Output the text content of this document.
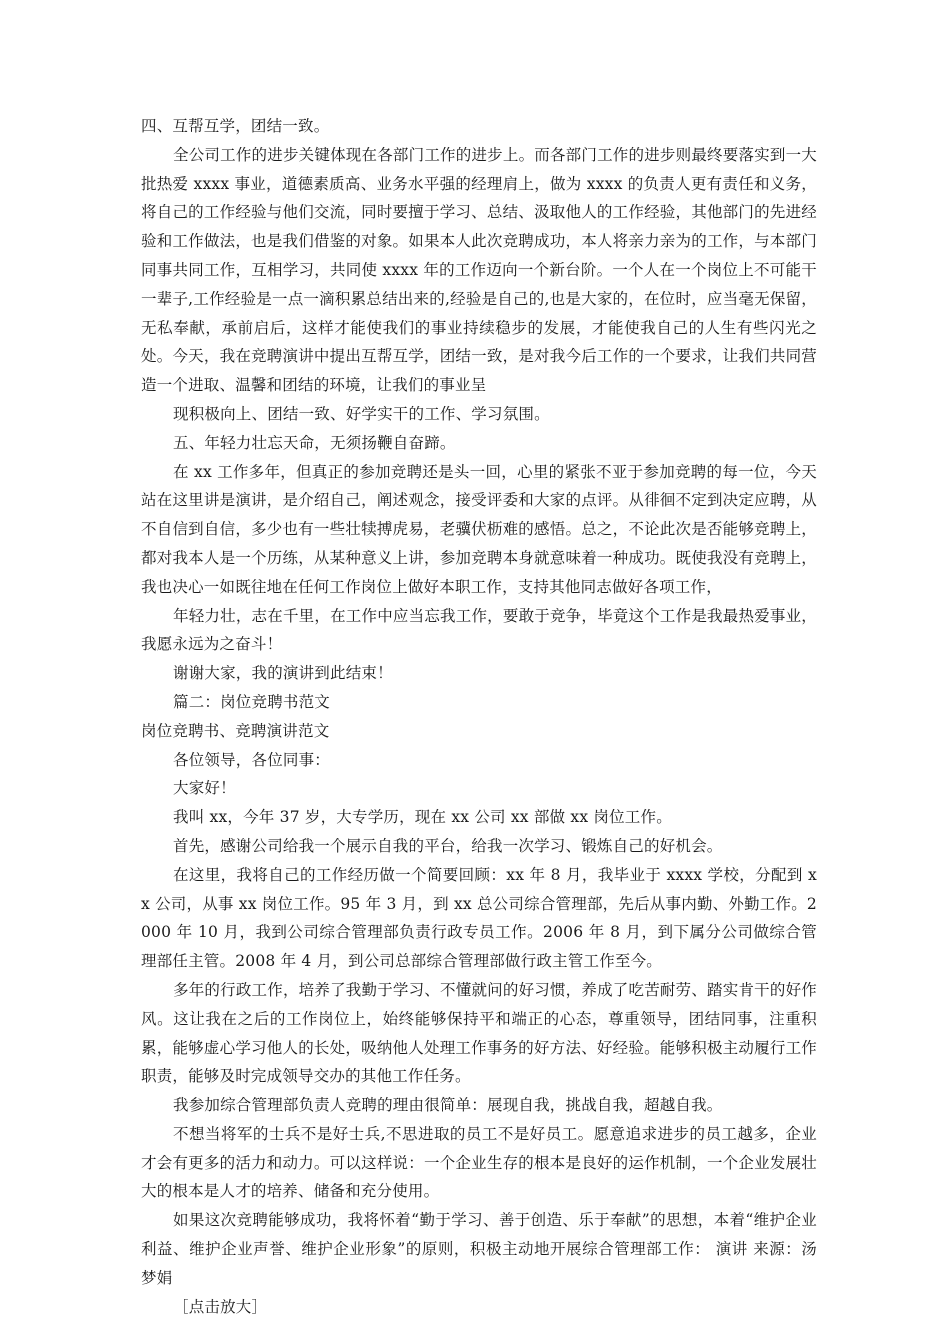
四、互帮互学，团结一致。

全公司工作的进步关键体现在各部门工作的进步上。而各部门工作的进步则最终要落实到一大批热爱 xxxx 事业，道德素质高、业务水平强的经理肩上，做为 xxxx 的负责人更有责任和义务，将自己的工作经验与他们交流，同时要擅于学习、总结、汲取他人的工作经验，其他部门的先进经验和工作做法，也是我们借鉴的对象。如果本人此次竞聘成功，本人将亲力亲为的工作，与本部门同事共同工作，互相学习，共同使 xxxx 年的工作迈向一个新台阶。一个人在一个岗位上不可能干一辈子,工作经验是一点一滴积累总结出来的,经验是自己的,也是大家的，在位时，应当毫无保留，无私奉献，承前启后，这样才能使我们的事业持续稳步的发展，才能使我自己的人生有些闪光之处。今天，我在竞聘演讲中提出互帮互学，团结一致，是对我今后工作的一个要求，让我们共同营造一个进取、温馨和团结的环境，让我们的事业呈

现积极向上、团结一致、好学实干的工作、学习氛围。

五、年轻力壮忘天命，无须扬鞭自奋蹄。

在 xx 工作多年，但真正的参加竞聘还是头一回，心里的紧张不亚于参加竞聘的每一位，今天站在这里讲是演讲，是介绍自己，阐述观念，接受评委和大家的点评。从徘徊不定到决定应聘，从不自信到自信，多少也有一些壮犊搏虎易，老骥伏枥难的感悟。总之，不论此次是否能够竞聘上，都对我本人是一个历练，从某种意义上讲，参加竞聘本身就意味着一种成功。既使我没有竞聘上，我也决心一如既往地在任何工作岗位上做好本职工作，支持其他同志做好各项工作，

年轻力壮，志在千里，在工作中应当忘我工作，要敢于竞争，毕竟这个工作是我最热爱事业，我愿永远为之奋斗！

谢谢大家，我的演讲到此结束！

篇二：岗位竞聘书范文

岗位竞聘书、竞聘演讲范文

各位领导，各位同事：

大家好！

我叫 xx，今年 37 岁，大专学历，现在 xx 公司 xx 部做 xx 岗位工作。

首先，感谢公司给我一个展示自我的平台，给我一次学习、锻炼自己的好机会。

在这里，我将自己的工作经历做一个简要回顾：xx 年 8 月，我毕业于 xxxx 学校，分配到 xx 公司，从事 xx 岗位工作。95 年 3 月，到 xx 总公司综合管理部，先后从事内勤、外勤工作。2000 年 10 月，我到公司综合管理部负责行政专员工作。2006 年 8 月，到下属分公司做综合管理部任主管。2008 年 4 月，到公司总部综合管理部做行政主管工作至今。

多年的行政工作，培养了我勤于学习、不懂就问的好习惯，养成了吃苦耐劳、踏实肯干的好作风。这让我在之后的工作岗位上，始终能够保持平和端正的心态，尊重领导，团结同事，注重积累，能够虚心学习他人的长处，吸纳他人处理工作事务的好方法、好经验。能够积极主动履行工作职责，能够及时完成领导交办的其他工作任务。

我参加综合管理部负责人竞聘的理由很简单：展现自我，挑战自我，超越自我。

不想当将军的士兵不是好士兵,不思进取的员工不是好员工。愿意追求进步的员工越多，企业才会有更多的活力和动力。可以这样说：一个企业生存的根本是良好的运作机制，一个企业发展壮大的根本是人才的培养、储备和充分使用。

如果这次竞聘能够成功，我将怀着“勤于学习、善于创造、乐于奉献”的思想，本着“维护企业利益、维护企业声誉、维护企业形象”的原则，积极主动地开展综合管理部工作： 演讲 来源：汤梦娟

［点击放大］
